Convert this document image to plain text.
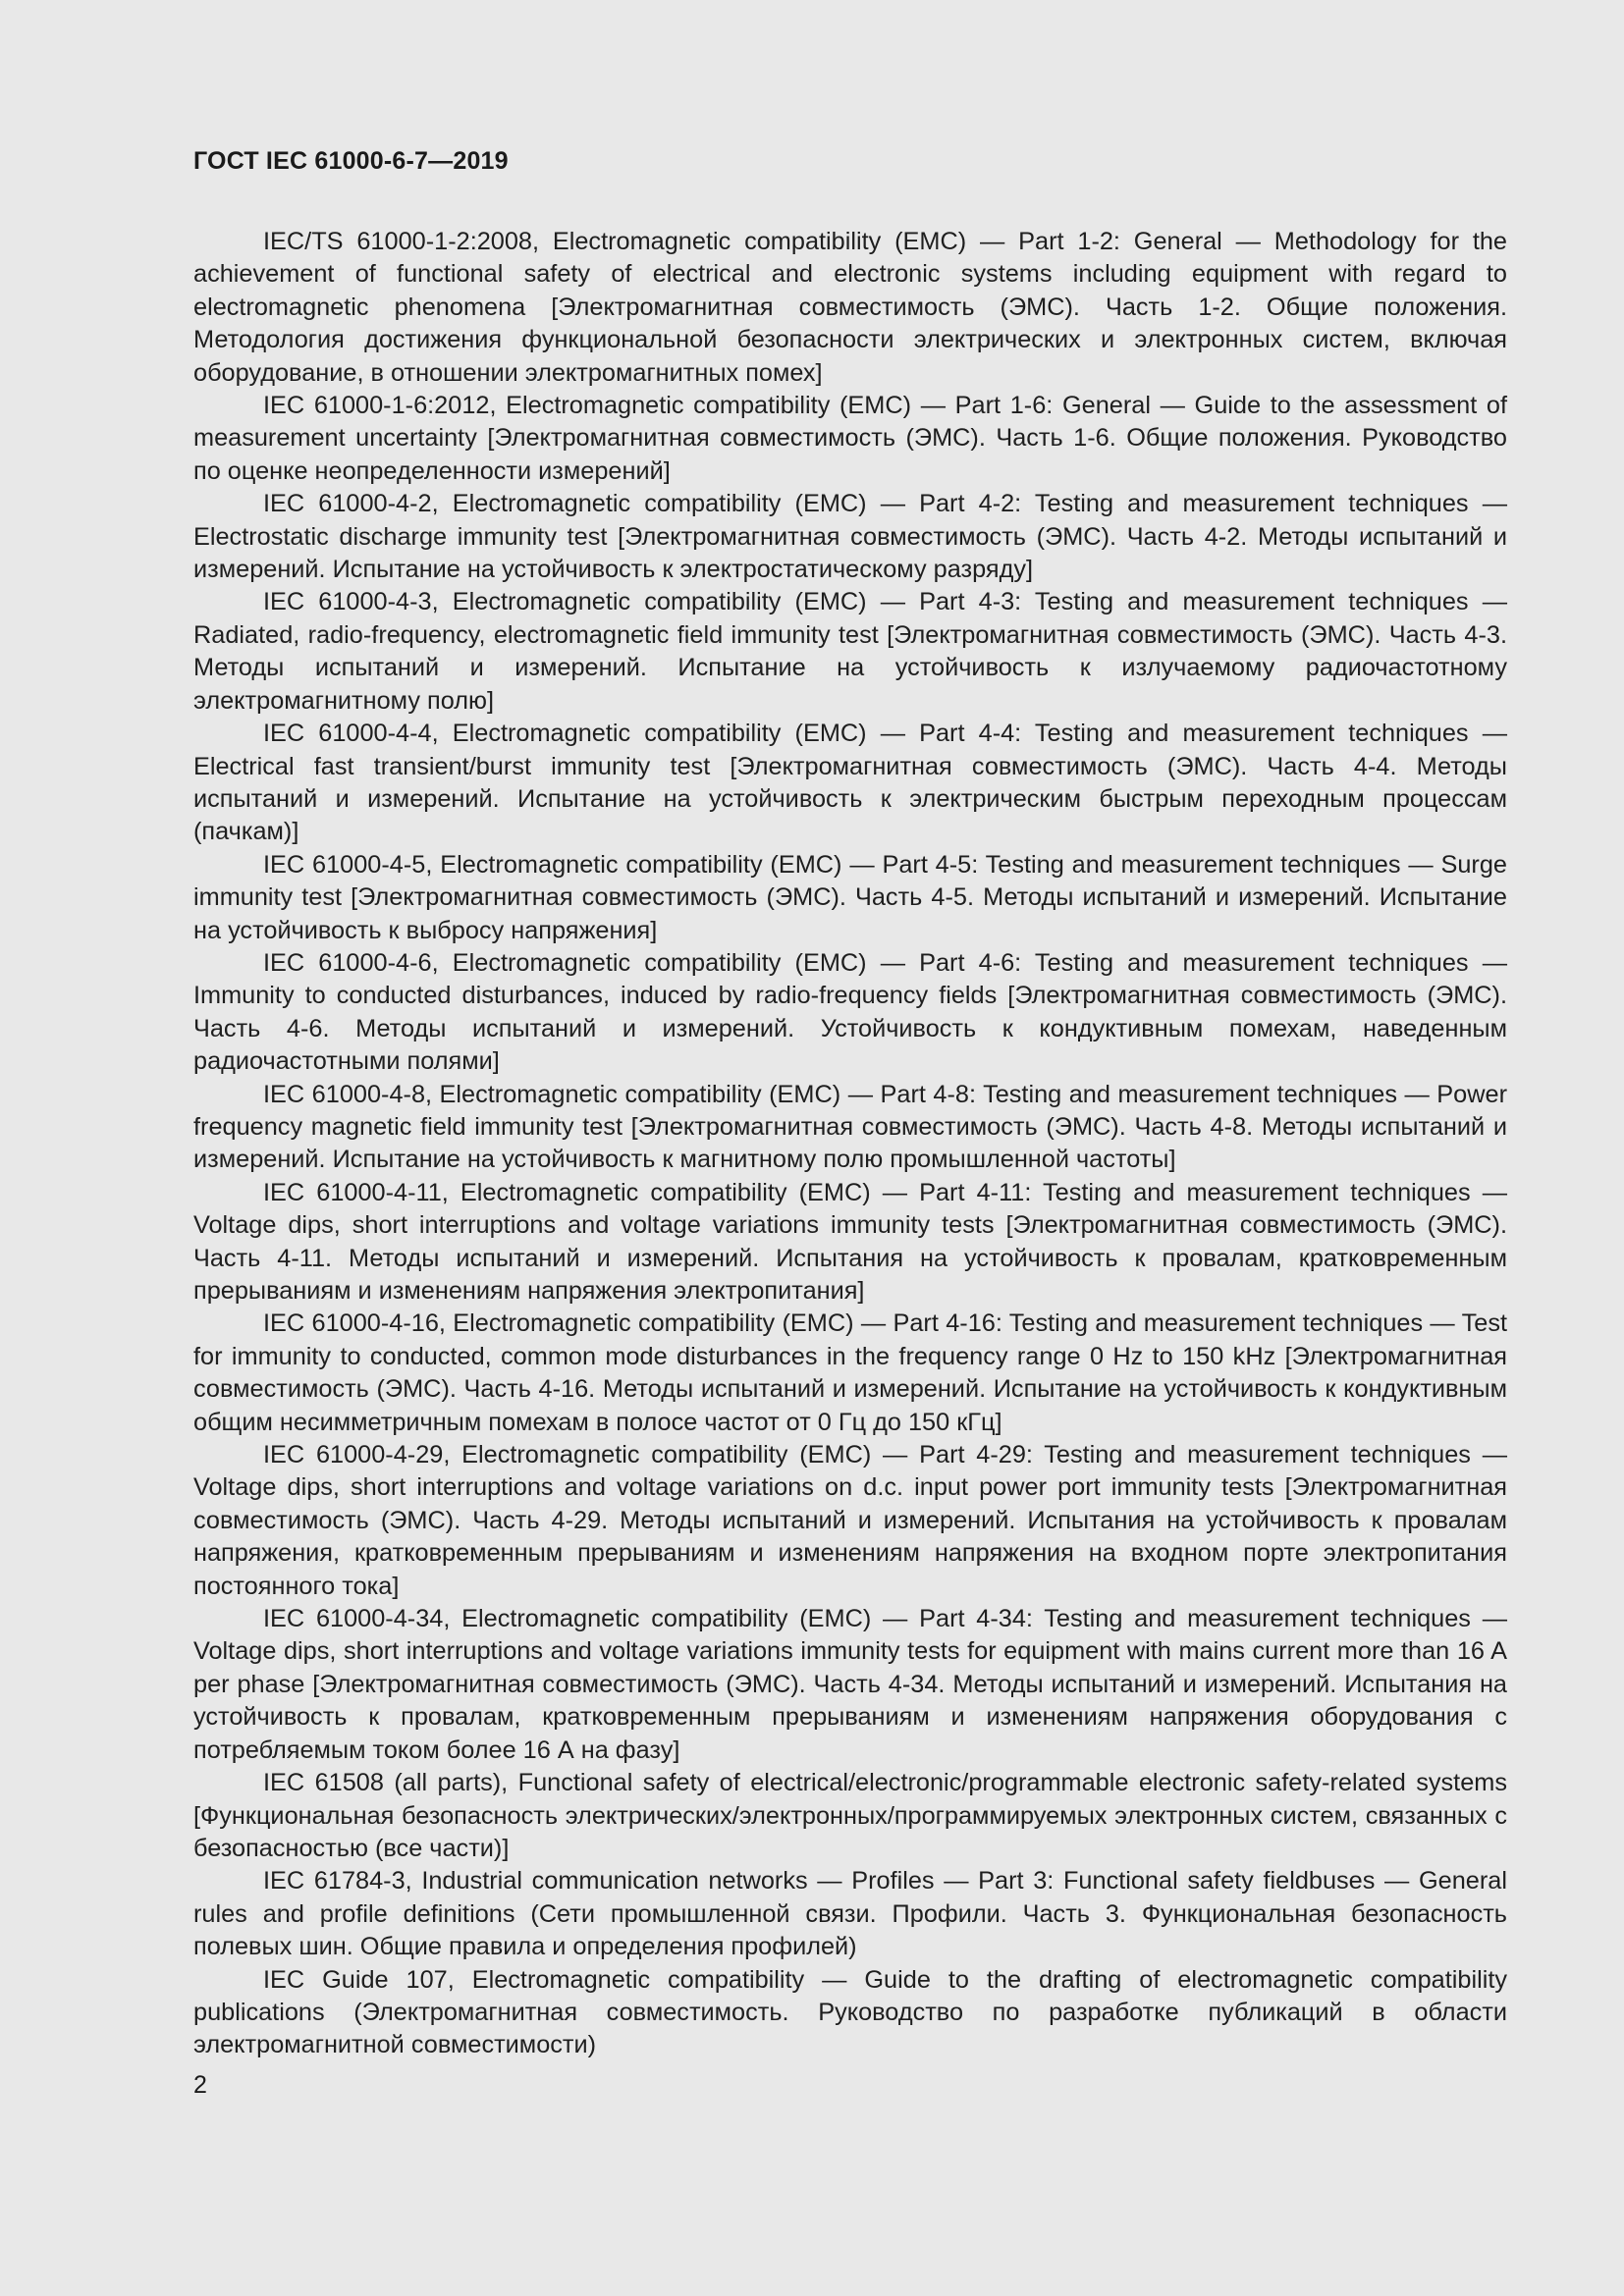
ГОСТ IEC 61000-6-7—2019

IEC/TS 61000-1-2:2008, Electromagnetic compatibility (EMC) — Part 1-2: General — Methodology for the achievement of functional safety of electrical and electronic systems including equipment with regard to electromagnetic phenomena [Электромагнитная совместимость (ЭМС). Часть 1-2. Общие положения. Методология достижения функциональной безопасности электрических и электронных систем, включая оборудование, в отношении электромагнитных помех]

IEC 61000-1-6:2012, Electromagnetic compatibility (EMC) — Part 1-6: General — Guide to the assessment of measurement uncertainty [Электромагнитная совместимость (ЭМС). Часть 1-6. Общие положения. Руководство по оценке неопределенности измерений]

IEC 61000-4-2, Electromagnetic compatibility (EMC) — Part 4-2: Testing and measurement techniques — Electrostatic discharge immunity test [Электромагнитная совместимость (ЭМС). Часть 4-2. Методы испытаний и измерений. Испытание на устойчивость к электростатическому разряду]

IEC 61000-4-3, Electromagnetic compatibility (EMC) — Part 4-3: Testing and measurement techniques — Radiated, radio-frequency, electromagnetic field immunity test [Электромагнитная совместимость (ЭМС). Часть 4-3. Методы испытаний и измерений. Испытание на устойчивость к излучаемому радиочастотному электромагнитному полю]

IEC 61000-4-4, Electromagnetic compatibility (EMC) — Part 4-4: Testing and measurement techniques — Electrical fast transient/burst immunity test [Электромагнитная совместимость (ЭМС). Часть 4-4. Методы испытаний и измерений. Испытание на устойчивость к электрическим быстрым переходным процессам (пачкам)]

IEC 61000-4-5, Electromagnetic compatibility (EMC) — Part 4-5: Testing and measurement techniques — Surge immunity test [Электромагнитная совместимость (ЭМС). Часть 4-5. Методы испытаний и измерений. Испытание на устойчивость к выбросу напряжения]

IEC 61000-4-6, Electromagnetic compatibility (EMC) — Part 4-6: Testing and measurement techniques — Immunity to conducted disturbances, induced by radio-frequency fields [Электромагнитная совместимость (ЭМС). Часть 4-6. Методы испытаний и измерений. Устойчивость к кондуктивным помехам, наведенным радиочастотными полями]

IEC 61000-4-8, Electromagnetic compatibility (EMC) — Part 4-8: Testing and measurement techniques — Power frequency magnetic field immunity test [Электромагнитная совместимость (ЭМС). Часть 4-8. Методы испытаний и измерений. Испытание на устойчивость к магнитному полю промышленной частоты]

IEC 61000-4-11, Electromagnetic compatibility (EMC) — Part 4-11: Testing and measurement techniques — Voltage dips, short interruptions and voltage variations immunity tests [Электромагнитная совместимость (ЭМС). Часть 4-11. Методы испытаний и измерений. Испытания на устойчивость к провалам, кратковременным прерываниям и изменениям напряжения электропитания]

IEC 61000-4-16, Electromagnetic compatibility (EMC) — Part 4-16: Testing and measurement techniques — Test for immunity to conducted, common mode disturbances in the frequency range 0 Hz to 150 kHz [Электромагнитная совместимость (ЭМС). Часть 4-16. Методы испытаний и измерений. Испытание на устойчивость к кондуктивным общим несимметричным помехам в полосе частот от 0 Гц до 150 кГц]

IEC 61000-4-29, Electromagnetic compatibility (EMC) — Part 4-29: Testing and measurement techniques — Voltage dips, short interruptions and voltage variations on d.c. input power port immunity tests [Электромагнитная совместимость (ЭМС). Часть 4-29. Методы испытаний и измерений. Испытания на устойчивость к провалам напряжения, кратковременным прерываниям и изменениям напряжения на входном порте электропитания постоянного тока]

IEC 61000-4-34, Electromagnetic compatibility (EMC) — Part 4-34: Testing and measurement techniques — Voltage dips, short interruptions and voltage variations immunity tests for equipment with mains current more than 16 A per phase [Электромагнитная совместимость (ЭМС). Часть 4-34. Методы испытаний и измерений. Испытания на устойчивость к провалам, кратковременным прерываниям и изменениям напряжения оборудования с потребляемым током более 16 А на фазу]

IEC 61508 (all parts), Functional safety of electrical/electronic/programmable electronic safety-related systems [Функциональная безопасность электрических/электронных/программируемых электронных систем, связанных с безопасностью (все части)]

IEC 61784-3, Industrial communication networks — Profiles — Part 3: Functional safety fieldbuses — General rules and profile definitions (Сети промышленной связи. Профили. Часть 3. Функциональная безопасность полевых шин. Общие правила и определения профилей)

IEC Guide 107, Electromagnetic compatibility — Guide to the drafting of electromagnetic compatibility publications (Электромагнитная совместимость. Руководство по разработке публикаций в области электромагнитной совместимости)

2
